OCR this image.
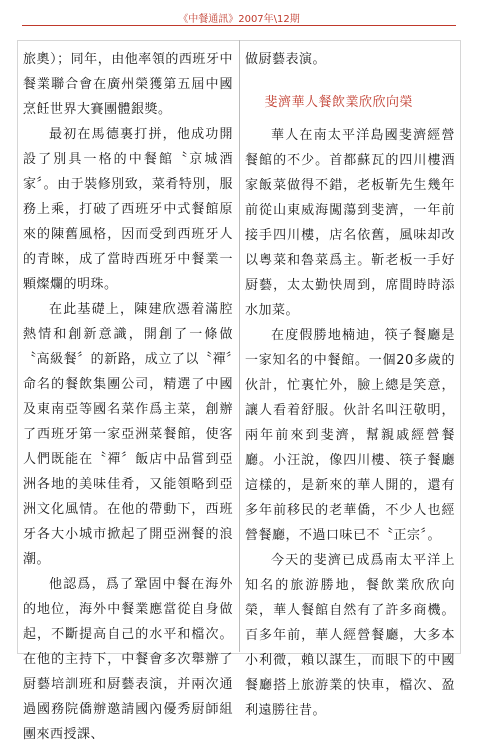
《中餐通訊》2007年\12期

旅奧）；同年，由他率領的西班牙中餐業聯合會在廣州榮獲第五屆中國烹飪世界大賽團體銀獎。

最初在馬德裏打拼，他成功開設了別具一格的中餐館〝京城酒家〞。由于裝修別致，菜肴特別，服務上乘，打破了西班牙中式餐館原來的陳舊風格，因而受到西班牙人的青睞，成了當時西班牙中餐業一顆燦爛的明珠。

在此基礎上，陳建欣憑着滿腔熱情和創新意識，開創了一條做〝高級餐〞的新路，成立了以〝禪〞命名的餐飲集團公司，精選了中國及東南亞等國名菜作爲主菜，創辦了西班牙第一家亞洲菜餐館，使客人們既能在〝禪〞飯店中品嘗到亞洲各地的美味佳肴，又能領略到亞洲文化風情。在他的帶動下，西班牙各大小城市掀起了開亞洲餐的浪潮。

他認爲，爲了鞏固中餐在海外的地位，海外中餐業應當從自身做起，不斷提高自己的水平和檔次。在他的主持下，中餐會多次舉辦了厨藝培訓班和厨藝表演，并兩次通過國務院僑辦邀請國內優秀厨師組團來西授課、

做厨藝表演。

斐濟華人餐飲業欣欣向榮

華人在南太平洋島國斐濟經營餐館的不少。首都蘇瓦的四川樓酒家飯菜做得不錯，老板靳先生幾年前從山東威海闖蕩到斐濟，一年前接手四川樓，店名依舊，風味却改以粵菜和魯菜爲主。靳老板一手好厨藝，太太勤快周到，席間時時添水加菜。

在度假勝地楠迪，筷子餐廳是一家知名的中餐館。一個20多歲的伙計，忙裏忙外，臉上總是笑意，讓人看着舒服。伙計名叫汪敬明，兩年前來到斐濟，幫親戚經營餐廳。小汪說，像四川樓、筷子餐廳這樣的，是新來的華人開的，還有多年前移民的老華僑，不少人也經營餐廳，不過口味已不〝正宗〞。

今天的斐濟已成爲南太平洋上知名的旅游勝地，餐飲業欣欣向榮，華人餐館自然有了許多商機。百多年前，華人經營餐廳，大多本小利微，賴以謀生，而眼下的中國餐廳搭上旅游業的快車，檔次、盈利遠勝往昔。
